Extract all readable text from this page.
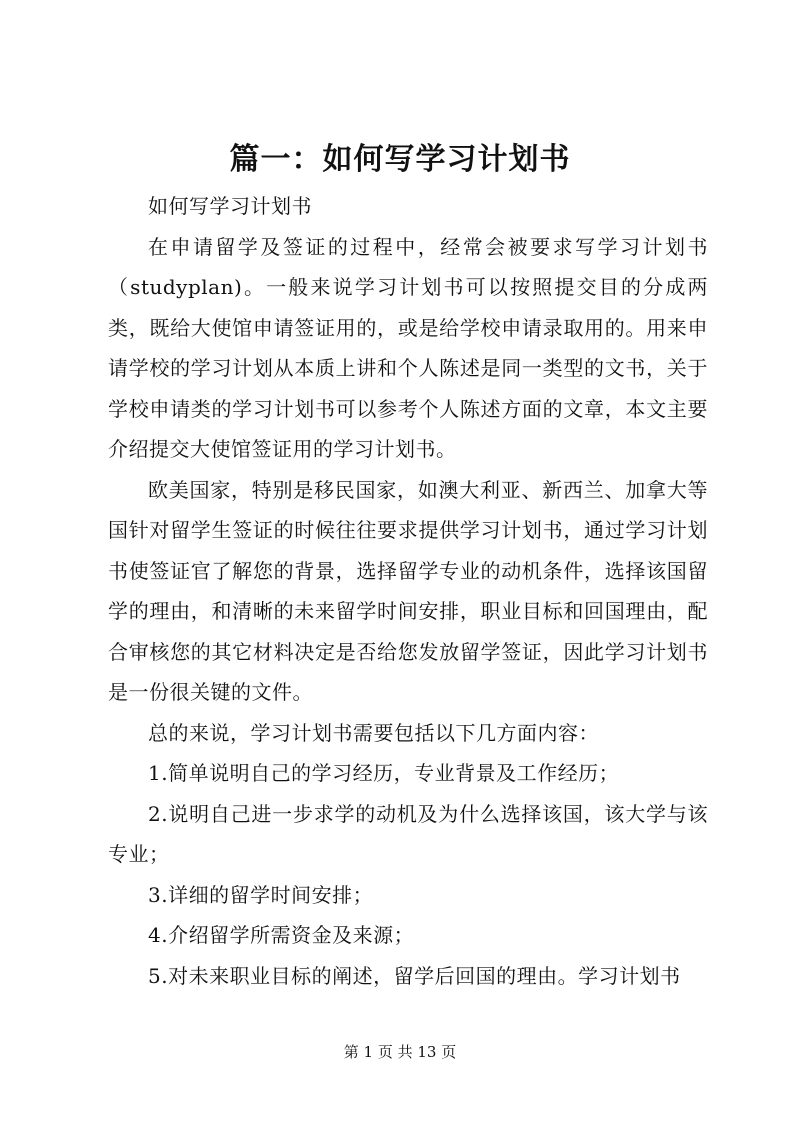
篇一：如何写学习计划书

如何写学习计划书

在申请留学及签证的过程中，经常会被要求写学习计划书（studyplan)。一般来说学习计划书可以按照提交目的分成两类，既给大使馆申请签证用的，或是给学校申请录取用的。用来申请学校的学习计划从本质上讲和个人陈述是同一类型的文书，关于学校申请类的学习计划书可以参考个人陈述方面的文章，本文主要介绍提交大使馆签证用的学习计划书。

欧美国家，特别是移民国家，如澳大利亚、新西兰、加拿大等国针对留学生签证的时候往往要求提供学习计划书，通过学习计划书使签证官了解您的背景，选择留学专业的动机条件，选择该国留学的理由，和清晰的未来留学时间安排，职业目标和回国理由，配合审核您的其它材料决定是否给您发放留学签证，因此学习计划书是一份很关键的文件。

总的来说，学习计划书需要包括以下几方面内容：

1.简单说明自己的学习经历，专业背景及工作经历；

2.说明自己进一步求学的动机及为什么选择该国，该大学与该专业；

3.详细的留学时间安排；

4.介绍留学所需资金及来源；

5.对未来职业目标的阐述，留学后回国的理由。学习计划书

第 1 页 共 13 页
